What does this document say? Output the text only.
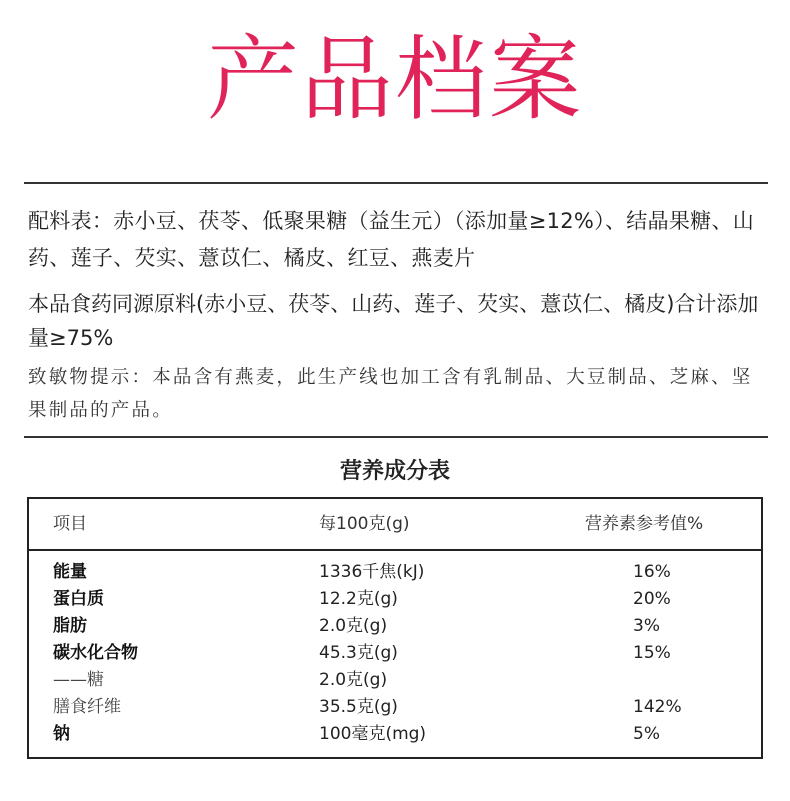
产品档案
配料表：赤小豆、茯苓、低聚果糖（益生元）（添加量≥12%）、结晶果糖、山药、莲子、芡实、薏苡仁、橘皮、红豆、燕麦片
本品食药同源原料(赤小豆、茯苓、山药、莲子、芡实、薏苡仁、橘皮)合计添加量≥75%
致敏物提示：本品含有燕麦，此生产线也加工含有乳制品、大豆制品、芝麻、坚果制品的产品。
营养成分表
项目	每100克(g)	营养素参考值%
能量	1336千焦(kJ)	16%
蛋白质	12.2克(g)	20%
脂肪	2.0克(g)	3%
碳水化合物	45.3克(g)	15%
——糖	2.0克(g)
膳食纤维	35.5克(g)	142%
钠	100毫克(mg)	5%
